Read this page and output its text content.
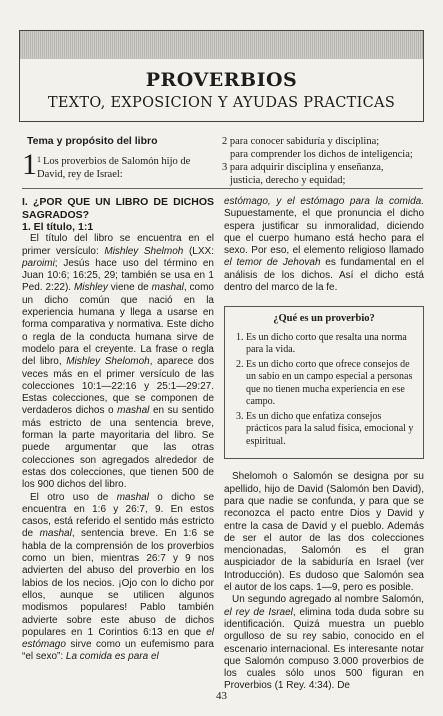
PROVERBIOS
TEXTO, EXPOSICION Y AYUDAS PRACTICAS
Tema y propósito del libro
1 1 Los proverbios de Salomón hijo de David, rey de Israel:

2 para conocer sabiduría y disciplina;

para comprender los dichos de inteligencia;

3 para adquirir disciplina y enseñanza,

justicia, derecho y equidad;

I. ¿POR QUE UN LIBRO DE DICHOS SAGRADOS?

1. El título, 1:1

El título del libro se encuentra en el primer versículo: Mishley Shelmoh (LXX: paroimi; Jesús hace uso del término en Juan 10:6; 16:25, 29; también se usa en 1 Ped. 2:22). Mishley viene de mashal, como un dicho común que nació en la experiencia humana y llega a usarse en forma comparativa y normativa. Este dicho o regla de la conducta humana sirve de modelo para el creyente. La frase o regla del libro, Mishley Shelomoh, aparece dos veces más en el primer versículo de las colecciones 10:1—22:16 y 25:1—29:27. Estas colecciones, que se componen de verdaderos dichos o mashal en su sentido más estricto de una sentencia breve, forman la parte mayoritaria del libro. Se puede argumentar que las otras colecciones son agregados alrededor de estas dos colecciones, que tienen 500 de los 900 dichos del libro.

El otro uso de mashal o dicho se encuentra en 1:6 y 26:7, 9. En estos casos, está referido el sentido más estricto de mashal, sentencia breve. En 1:6 se habla de la comprensión de los proverbios como un bien, mientras 26:7 y 9 nos advierten del abuso del proverbio en los labios de los necios. ¡Ojo con lo dicho por ellos, aunque se utilicen algunos modismos populares! Pablo también advierte sobre este abuso de dichos populares en 1 Corintios 6:13 en que el estómago sirve como un eufemismo para “el sexo”: La comida es para el

estómago, y el estómago para la comida. Supuestamente, el que pronuncia el dicho espera justificar su inmoralidad, diciendo que el cuerpo humano está hecho para el sexo. Por eso, el elemento religioso llamado el temor de Jehovah es fundamental en el análisis de los dichos. Así el dicho está dentro del marco de la fe.

¿Qué es un proverbio?
1. Es un dicho corto que resalta una norma para la vida.
2. Es un dicho corto que ofrece consejos de un sabio en un campo especial a personas que no tienen mucha experiencia en ese campo.
3. Es un dicho que enfatiza consejos prácticos para la salud física, emocional y espiritual.

Shelomoh o Salomón se designa por su apellido, hijo de David (Salomón ben David), para que nadie se confunda, y para que se reconozca el pacto entre Dios y David y entre la casa de David y el pueblo. Además de ser el autor de las dos colecciones mencionadas, Salomón es el gran auspiciador de la sabiduría en Israel (ver Introducción). Es dudoso que Salomón sea el autor de los caps. 1—9, pero es posible.

Un segundo agregado al nombre Salomón, el rey de Israel, elimina toda duda sobre su identificación. Quizá muestra un pueblo orgulloso de su rey sabio, conocido en el escenario internacional. Es interesante notar que Salomón compuso 3.000 proverbios de los cuales sólo unos 500 figuran en Proverbios (1 Rey. 4:34). De

43
